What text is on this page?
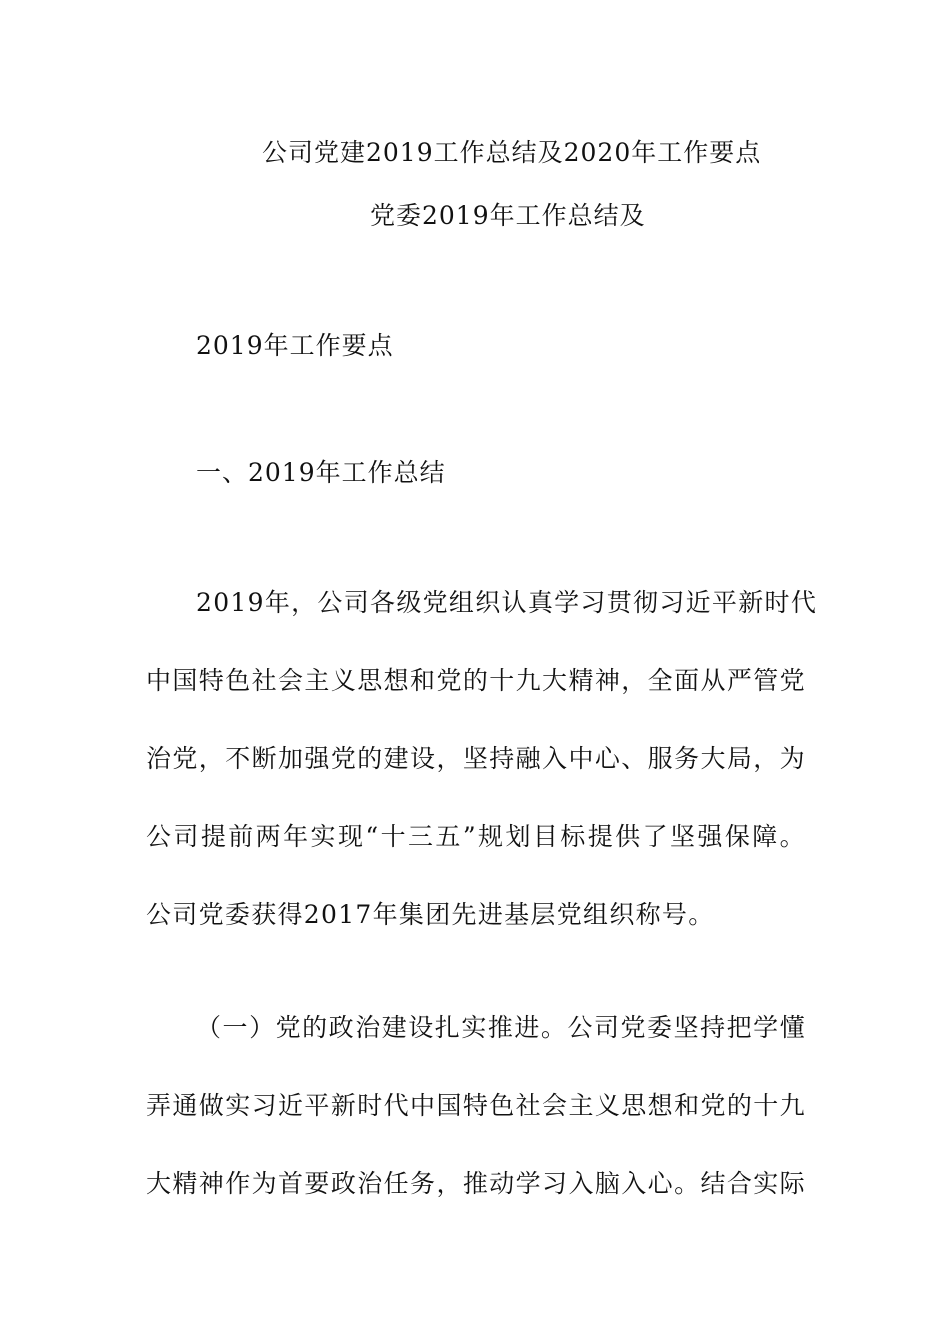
公司党建2019工作总结及2020年工作要点
党委2019年工作总结及
2019年工作要点
一、2019年工作总结
2019年，公司各级党组织认真学习贯彻习近平新时代
中国特色社会主义思想和党的十九大精神，全面从严管党
治党，不断加强党的建设，坚持融入中心、服务大局，为
公司提前两年实现“十三五”规划目标提供了坚强保障。
公司党委获得2017年集团先进基层党组织称号。
（一）党的政治建设扎实推进。公司党委坚持把学懂
弄通做实习近平新时代中国特色社会主义思想和党的十九
大精神作为首要政治任务，推动学习入脑入心。结合实际
